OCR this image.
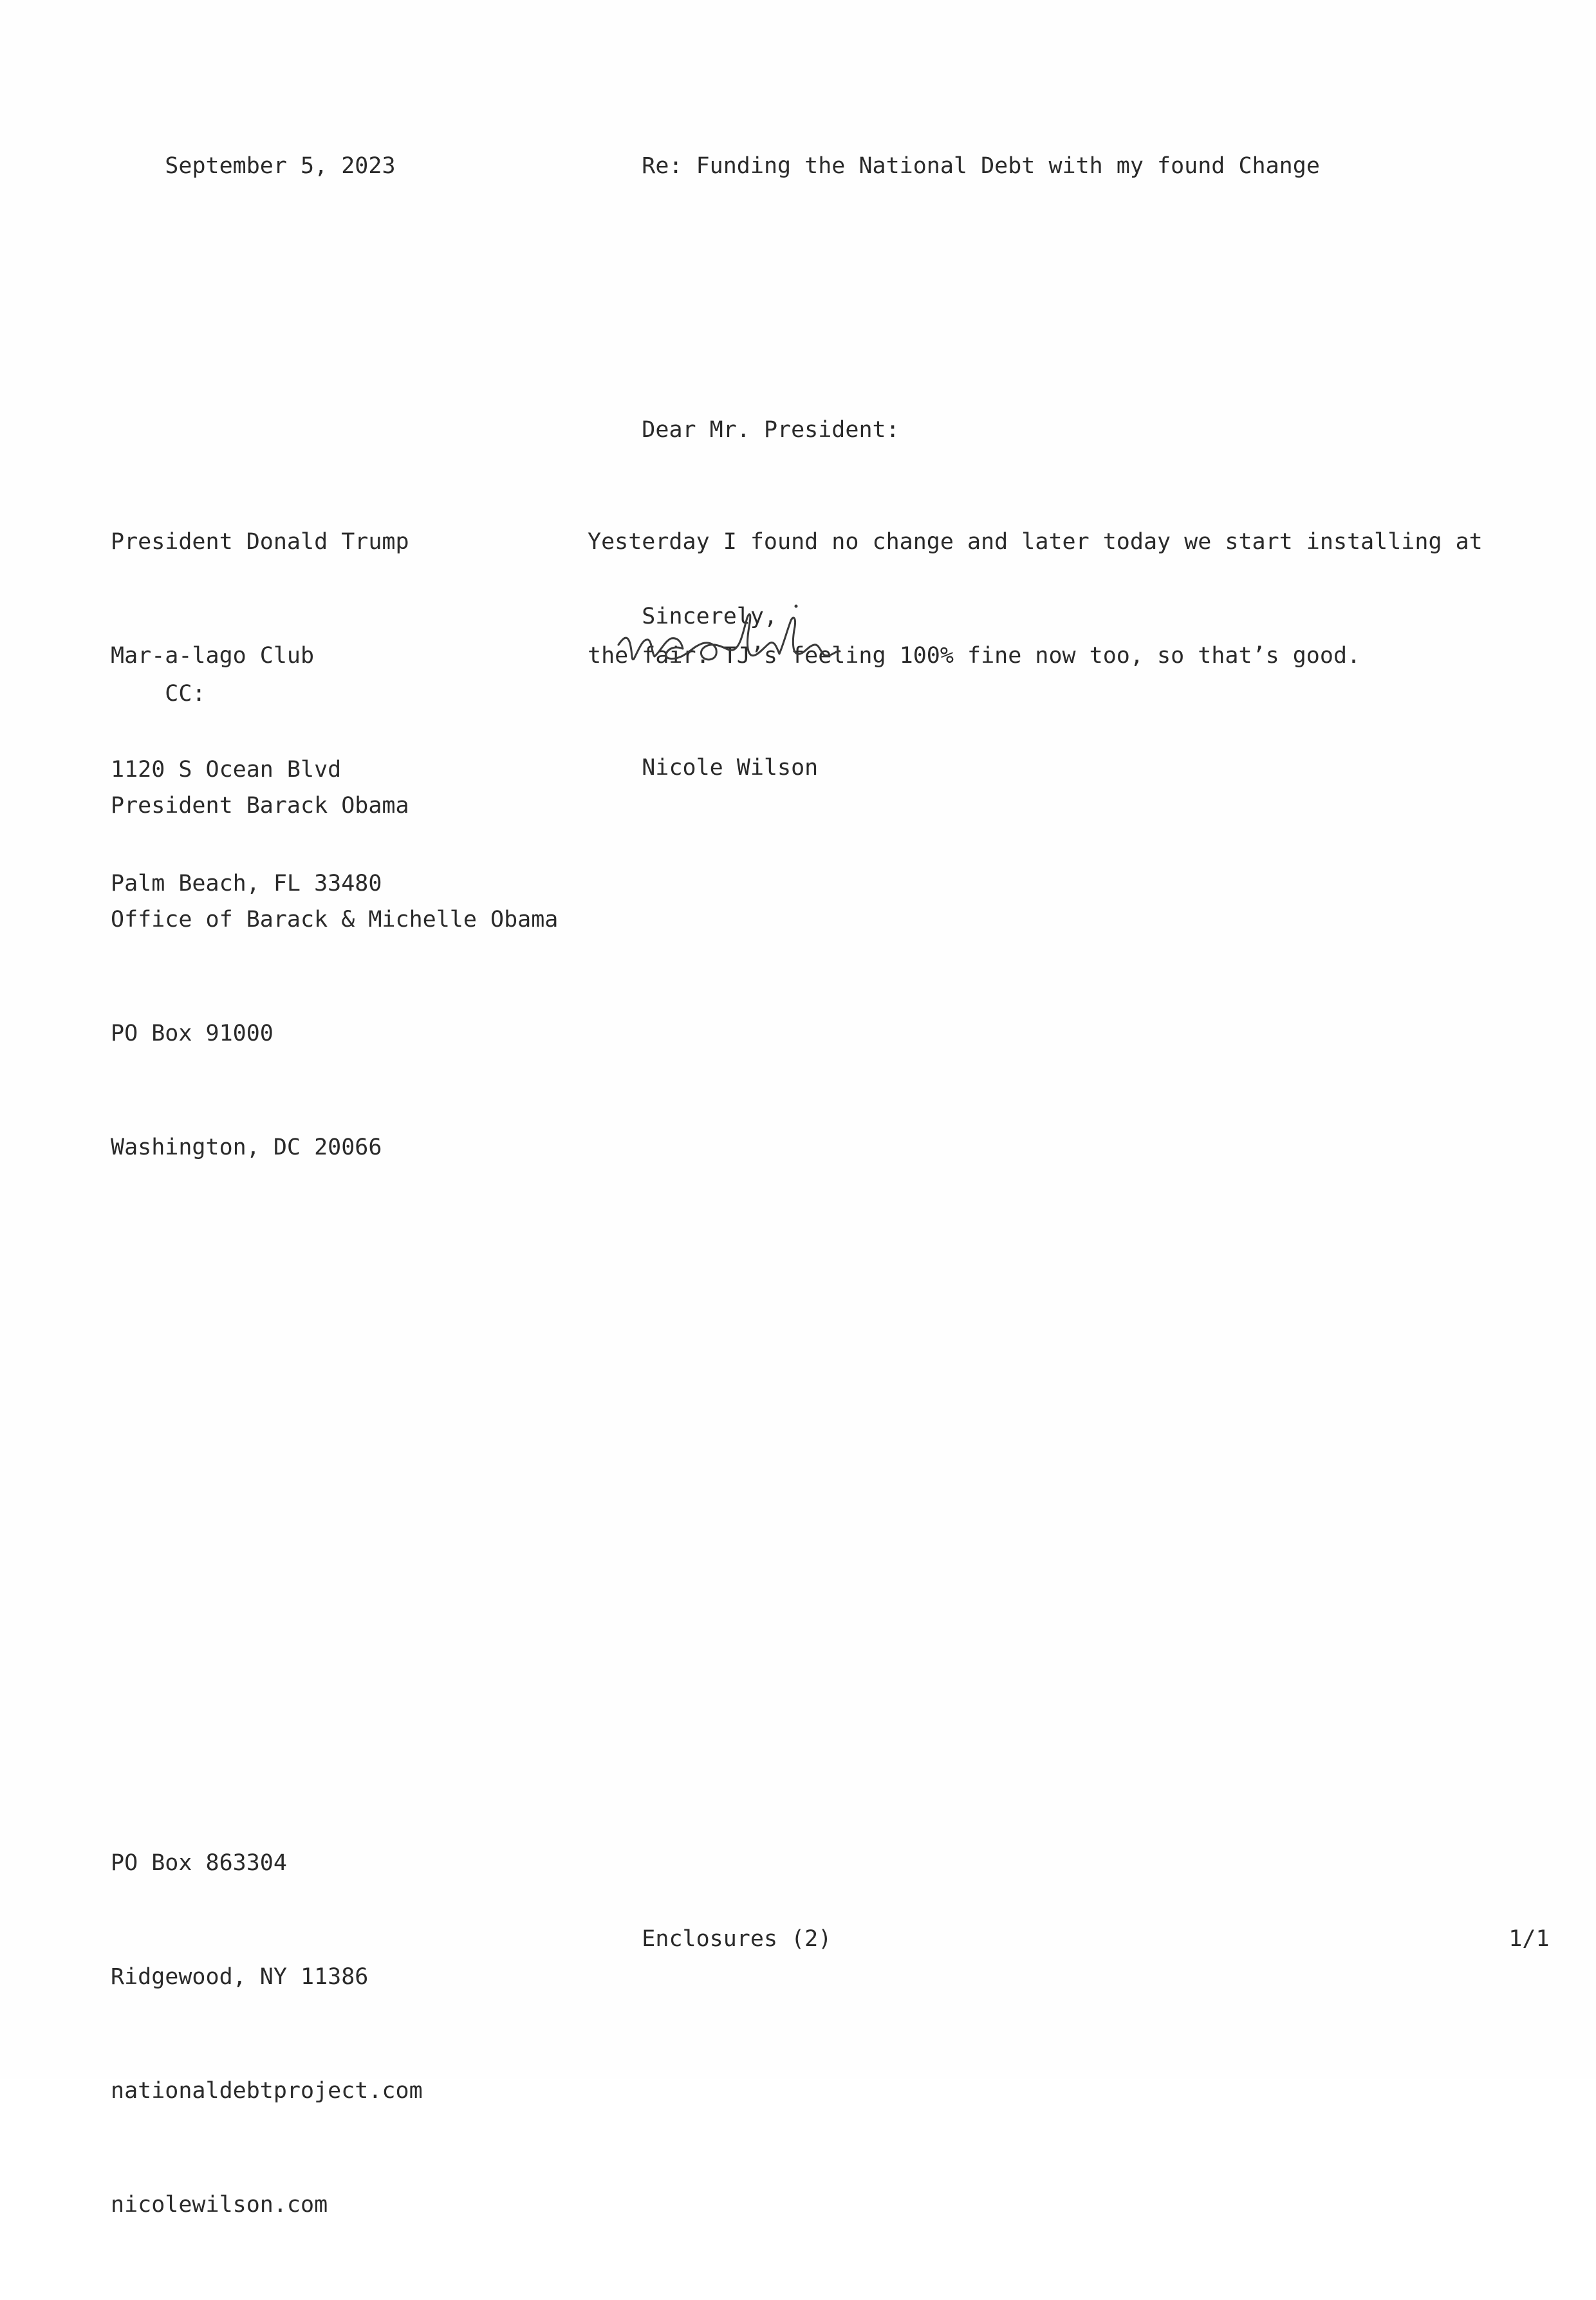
September 5, 2023
	Re: Funding the National Debt with my found Change

Dear Mr. President:

President Donald Trump

Mar-a-lago Club

1120 S Ocean Blvd

Palm Beach, FL 33480

Yesterday I found no change and later today we start installing at

the fair. TJ’s feeling 100% fine now too, so that’s good.

Sincerely,

CC:

President Barack Obama

Office of Barack & Michelle Obama

PO Box 91000

Washington, DC 20066

Nicole Wilson

PO Box 863304

Ridgewood, NY 11386

nationaldebtproject.com

nicolewilson.com

Enclosures (2)
	1/1
